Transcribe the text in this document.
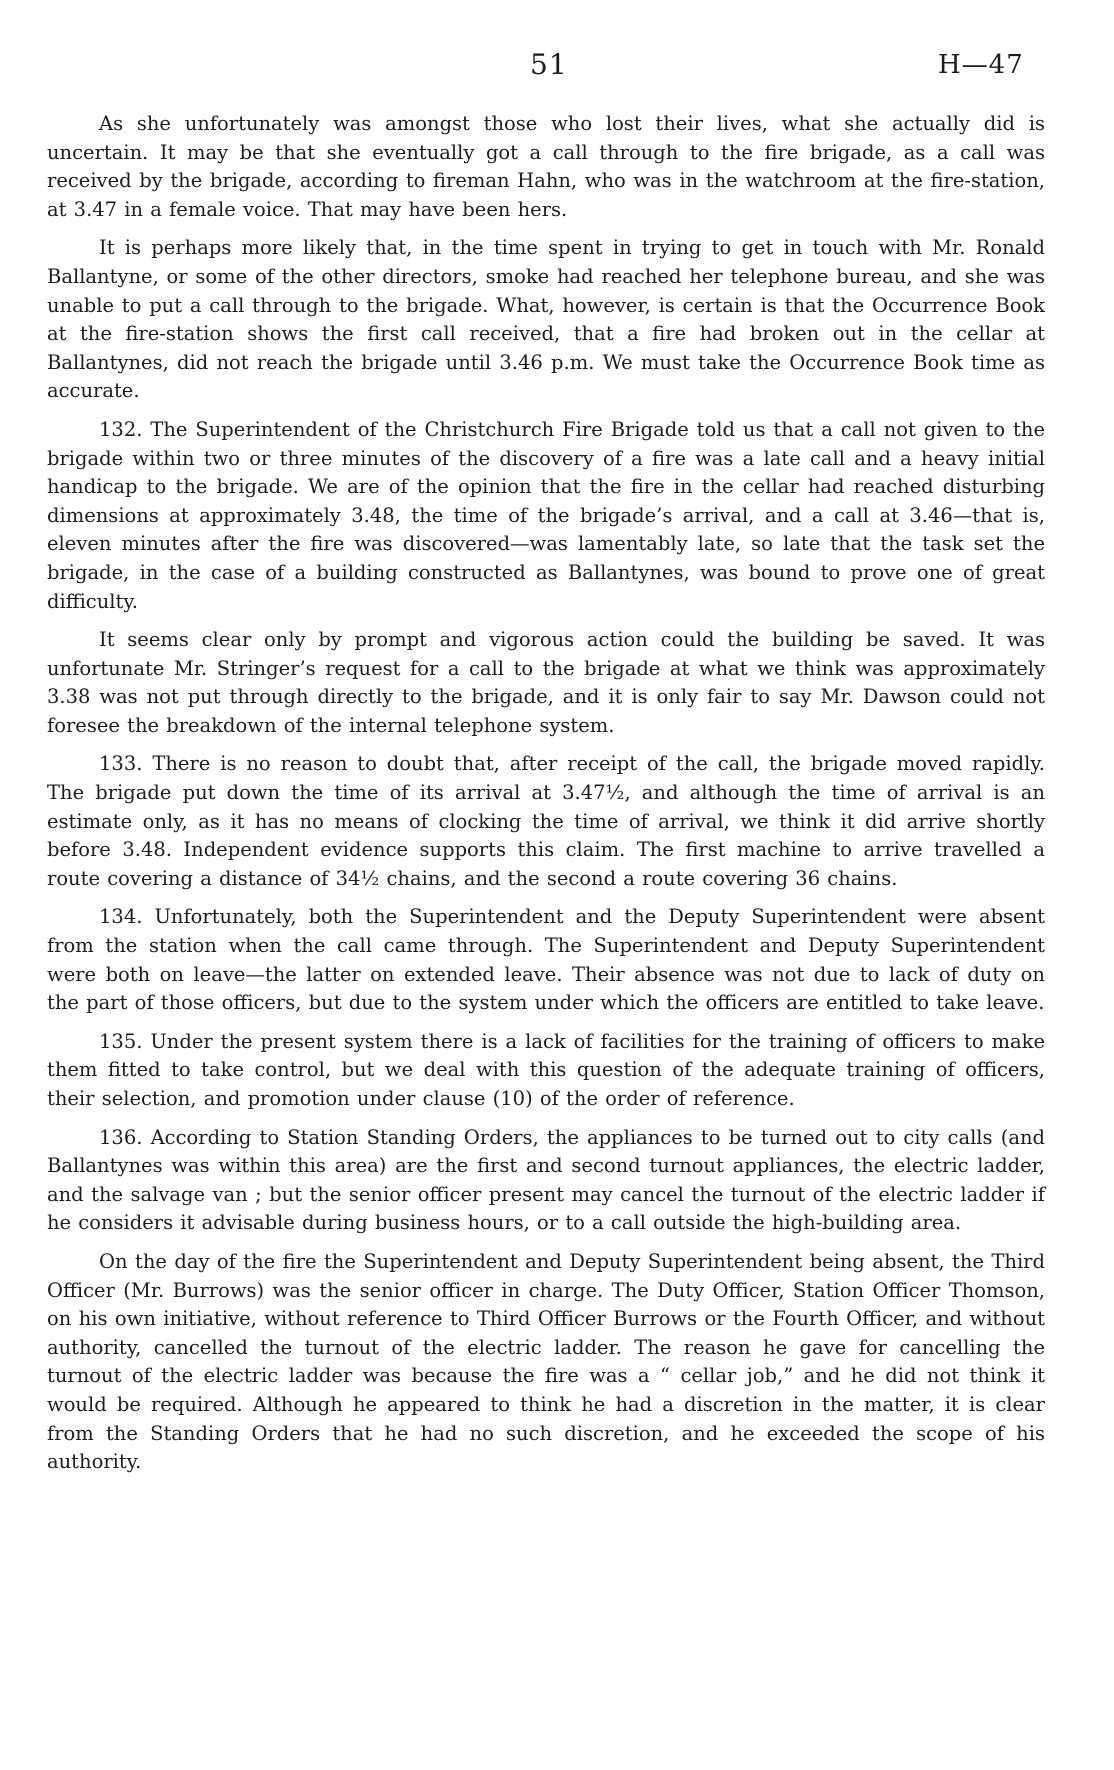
51	H—47

As she unfortunately was amongst those who lost their lives, what she actually did is uncertain. It may be that she eventually got a call through to the fire brigade, as a call was received by the brigade, according to fireman Hahn, who was in the watchroom at the fire-station, at 3.47 in a female voice. That may have been hers.

It is perhaps more likely that, in the time spent in trying to get in touch with Mr. Ronald Ballantyne, or some of the other directors, smoke had reached her telephone bureau, and she was unable to put a call through to the brigade. What, however, is certain is that the Occurrence Book at the fire-station shows the first call received, that a fire had broken out in the cellar at Ballantynes, did not reach the brigade until 3.46 p.m. We must take the Occurrence Book time as accurate.

132. The Superintendent of the Christchurch Fire Brigade told us that a call not given to the brigade within two or three minutes of the discovery of a fire was a late call and a heavy initial handicap to the brigade. We are of the opinion that the fire in the cellar had reached disturbing dimensions at approximately 3.48, the time of the brigade’s arrival, and a call at 3.46—that is, eleven minutes after the fire was discovered—was lamentably late, so late that the task set the brigade, in the case of a building constructed as Ballantynes, was bound to prove one of great difficulty.

It seems clear only by prompt and vigorous action could the building be saved. It was unfortunate Mr. Stringer’s request for a call to the brigade at what we think was approximately 3.38 was not put through directly to the brigade, and it is only fair to say Mr. Dawson could not foresee the breakdown of the internal telephone system.

133. There is no reason to doubt that, after receipt of the call, the brigade moved rapidly. The brigade put down the time of its arrival at 3.47½, and although the time of arrival is an estimate only, as it has no means of clocking the time of arrival, we think it did arrive shortly before 3.48. Independent evidence supports this claim. The first machine to arrive travelled a route covering a distance of 34½ chains, and the second a route covering 36 chains.

134. Unfortunately, both the Superintendent and the Deputy Superintendent were absent from the station when the call came through. The Superintendent and Deputy Superintendent were both on leave—the latter on extended leave. Their absence was not due to lack of duty on the part of those officers, but due to the system under which the officers are entitled to take leave.

135. Under the present system there is a lack of facilities for the training of officers to make them fitted to take control, but we deal with this question of the adequate training of officers, their selection, and promotion under clause (10) of the order of reference.

136. According to Station Standing Orders, the appliances to be turned out to city calls (and Ballantynes was within this area) are the first and second turnout appliances, the electric ladder, and the salvage van ; but the senior officer present may cancel the turnout of the electric ladder if he considers it advisable during business hours, or to a call outside the high-building area.

On the day of the fire the Superintendent and Deputy Superintendent being absent, the Third Officer (Mr. Burrows) was the senior officer in charge. The Duty Officer, Station Officer Thomson, on his own initiative, without reference to Third Officer Burrows or the Fourth Officer, and without authority, cancelled the turnout of the electric ladder. The reason he gave for cancelling the turnout of the electric ladder was because the fire was a “ cellar job,” and he did not think it would be required. Although he appeared to think he had a discretion in the matter, it is clear from the Standing Orders that he had no such discretion, and he exceeded the scope of his authority.
